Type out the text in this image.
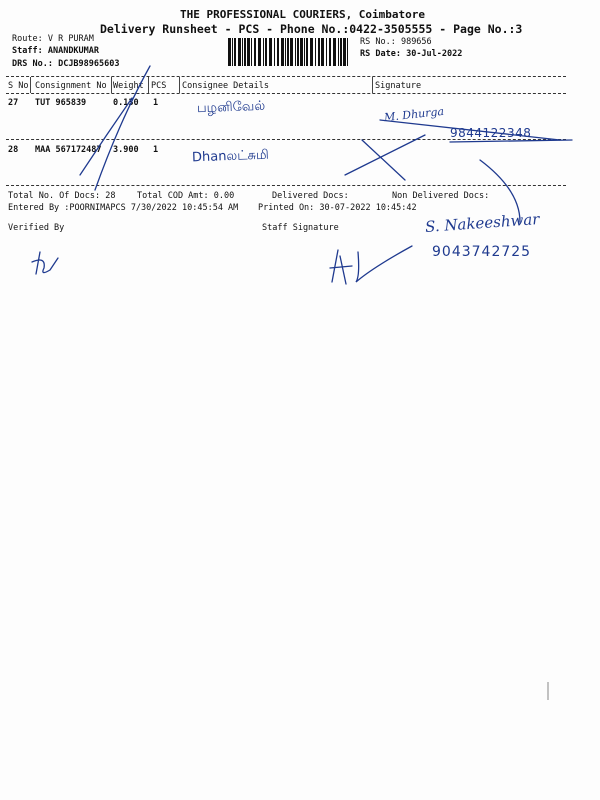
THE PROFESSIONAL COURIERS, Coimbatore
Delivery Runsheet - PCS - Phone No.:0422-3505555 - Page No.:3
Route: V R PURAM
Staff: ANANDKUMAR
DRS No.: DCJB98965603
RS No.: 989656
RS Date: 30-Jul-2022
S No Consignment No Weight PCS Consignee Details	Signature
27 TUT 965839	0.130 1	பழனிவேல்	M. Dhurga
9844122348
28 MAA 567172487 3.900 1	Dhanலட்சுமி
Total No. Of Docs: 28	Total COD Amt: 0.00	Delivered Docs:	Non Delivered Docs:
Entered By :POORNIMAPCS 7/30/2022 10:45:54 AM Printed On: 30-07-2022 10:45:42
Verified By	Staff Signature	S. Nakeeshwar
9043742725
